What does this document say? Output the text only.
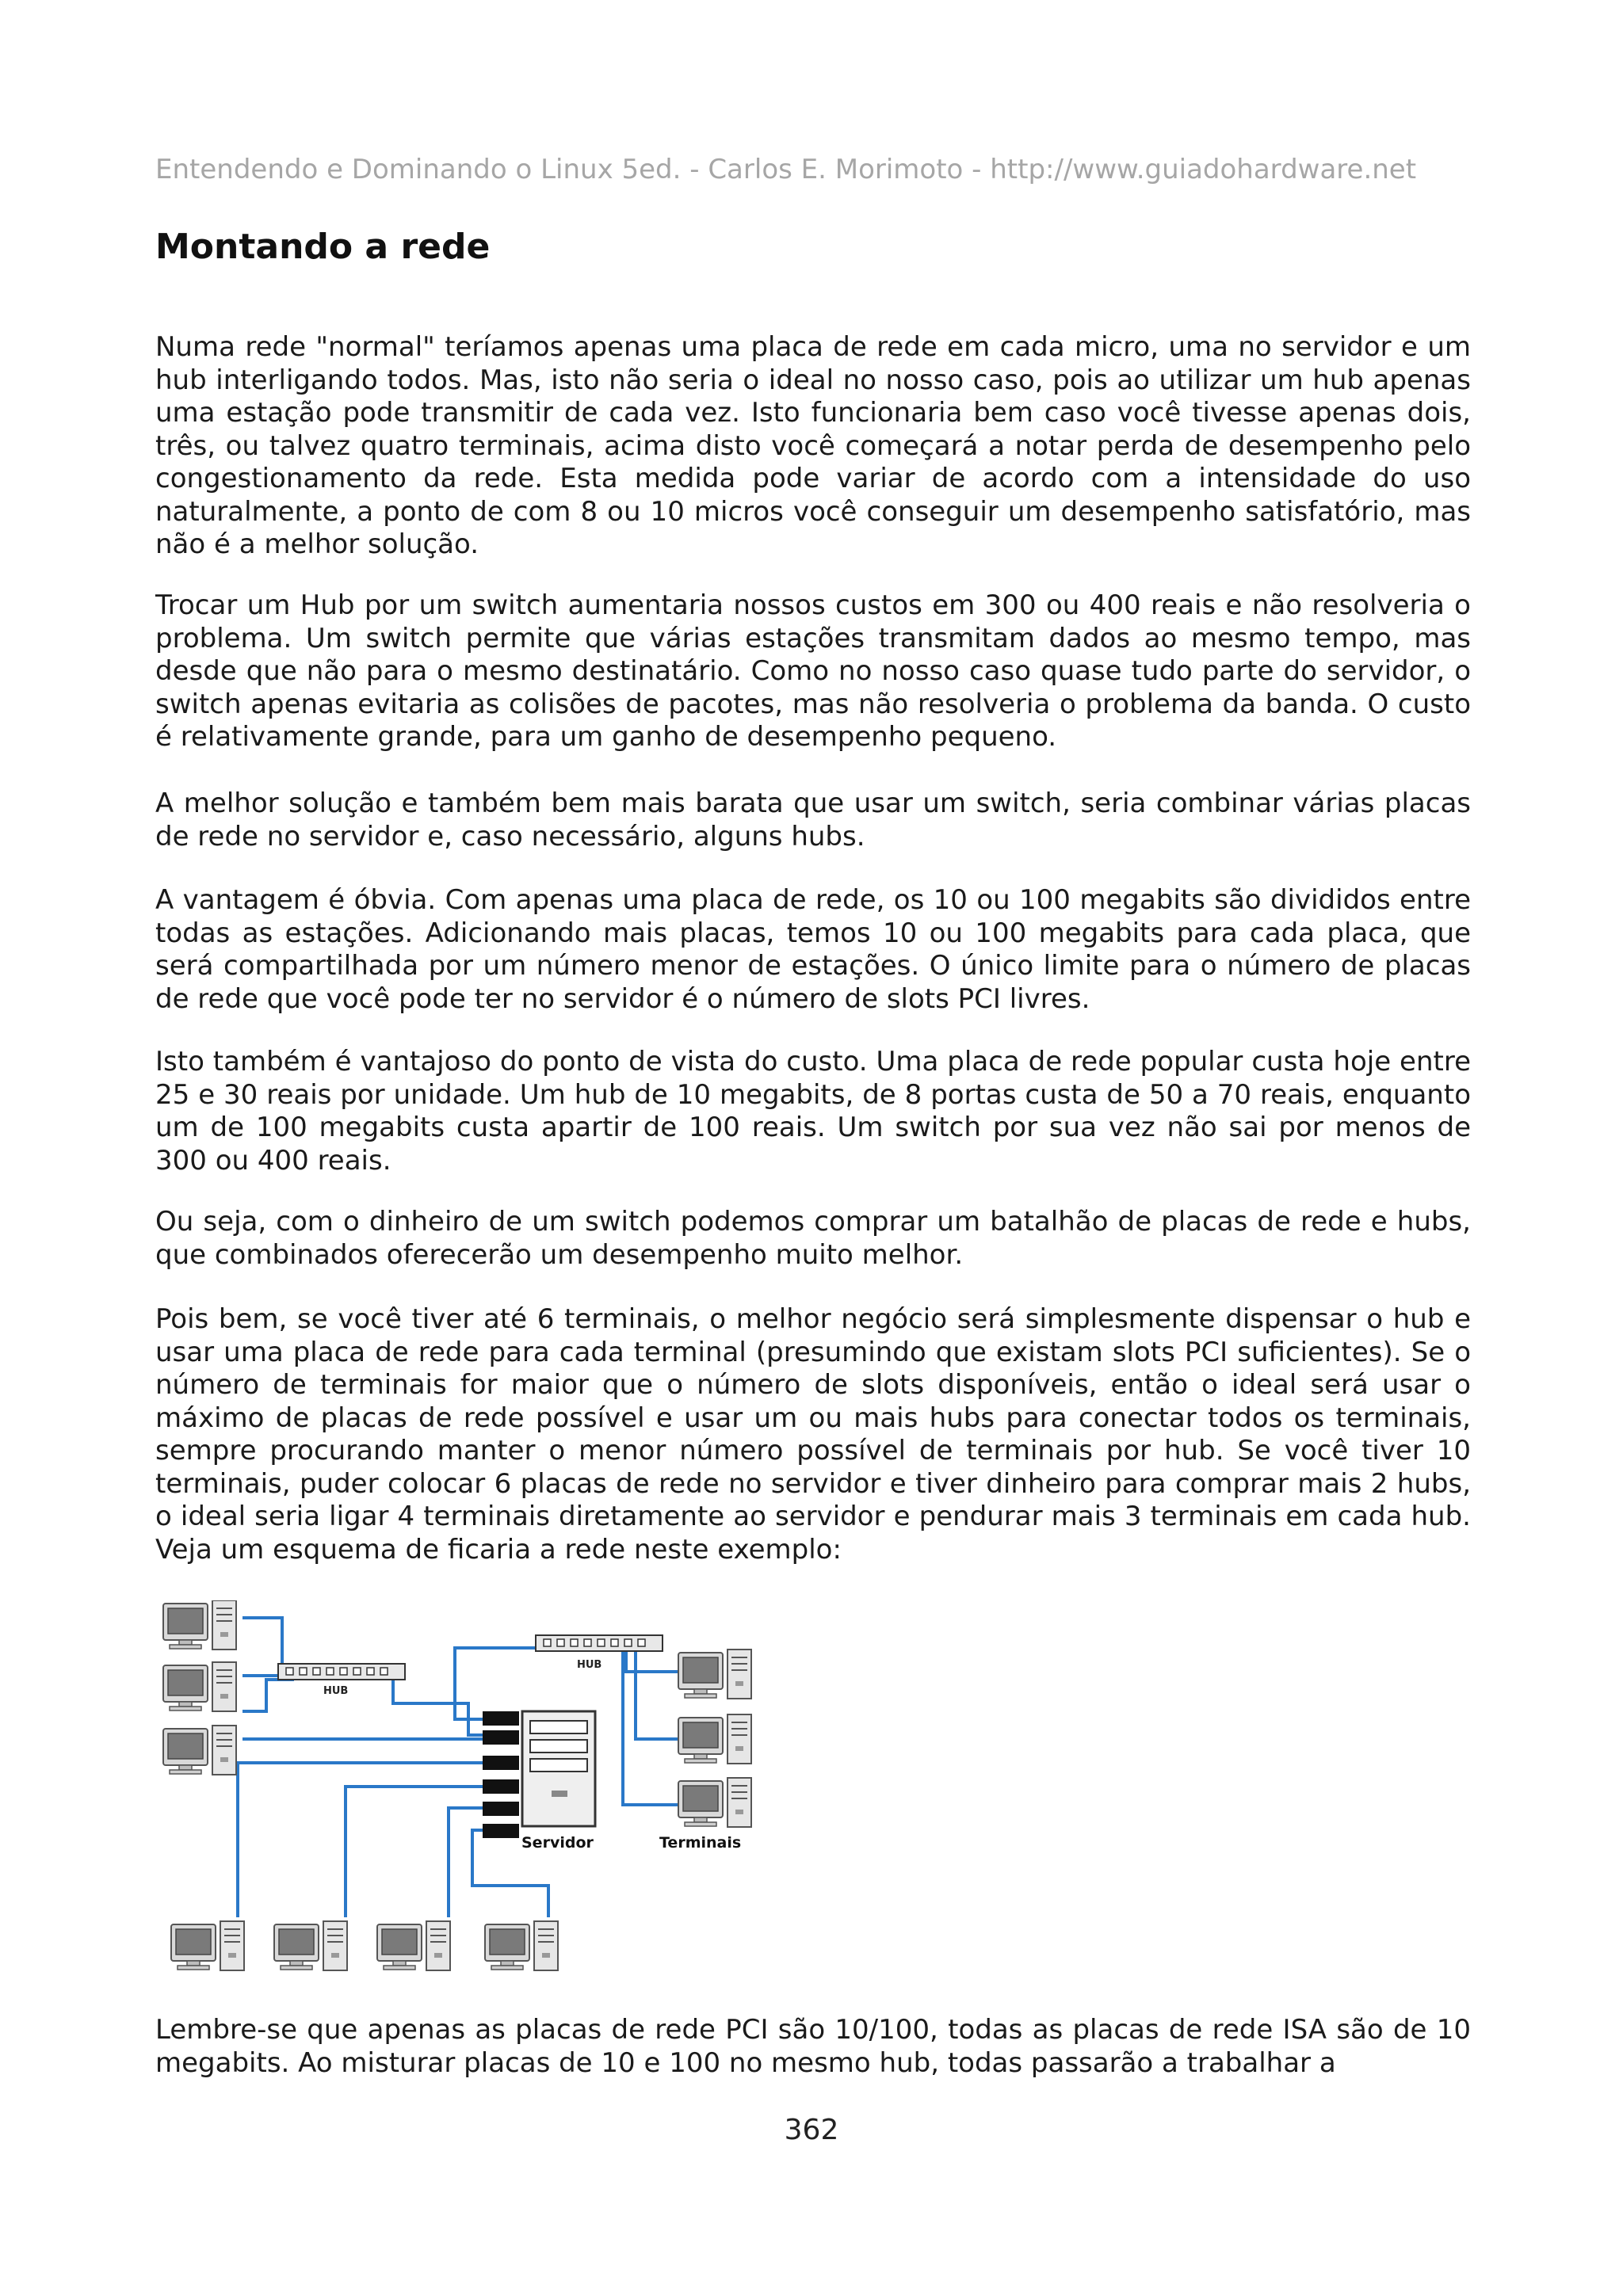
Entendendo e Dominando o Linux 5ed. - Carlos E. Morimoto - http://www.guiadohardware.net
Montando a rede

Numa rede "normal" teríamos apenas uma placa de rede em cada micro, uma no servidor e um hub interligando todos. Mas, isto não seria o ideal no nosso caso, pois ao utilizar um hub apenas uma estação pode transmitir de cada vez. Isto funcionaria bem caso você tivesse apenas dois, três, ou talvez quatro terminais, acima disto você começará a notar perda de desempenho pelo congestionamento da rede. Esta medida pode variar de acordo com a intensidade do uso naturalmente, a ponto de com 8 ou 10 micros você conseguir um desempenho satisfatório, mas não é a melhor solução.

Trocar um Hub por um switch aumentaria nossos custos em 300 ou 400 reais e não resolveria o problema. Um switch permite que várias estações transmitam dados ao mesmo tempo, mas desde que não para o mesmo destinatário. Como no nosso caso quase tudo parte do servidor, o switch apenas evitaria as colisões de pacotes, mas não resolveria o problema da banda. O custo é relativamente grande, para um ganho de desempenho pequeno.

A melhor solução e também bem mais barata que usar um switch, seria combinar várias placas de rede no servidor e, caso necessário, alguns hubs.

A vantagem é óbvia. Com apenas uma placa de rede, os 10 ou 100 megabits são divididos entre todas as estações. Adicionando mais placas, temos 10 ou 100 megabits para cada placa, que será compartilhada por um número menor de estações. O único limite para o número de placas de rede que você pode ter no servidor é o número de slots PCI livres.

Isto também é vantajoso do ponto de vista do custo. Uma placa de rede popular custa hoje entre 25 e 30 reais por unidade. Um hub de 10 megabits, de 8 portas custa de 50 a 70 reais, enquanto um de 100 megabits custa apartir de 100 reais. Um switch por sua vez não sai por menos de 300 ou 400 reais.

Ou seja, com o dinheiro de um switch podemos comprar um batalhão de placas de rede e hubs, que combinados oferecerão um desempenho muito melhor.

Pois bem, se você tiver até 6 terminais, o melhor negócio será simplesmente dispensar o hub e usar uma placa de rede para cada terminal (presumindo que existam slots PCI suficientes). Se o número de terminais for maior que o número de slots disponíveis, então o ideal será usar o máximo de placas de rede possível e usar um ou mais hubs para conectar todos os terminais, sempre procurando manter o menor número possível de terminais por hub. Se você tiver 10 terminais, puder colocar 6 placas de rede no servidor e tiver dinheiro para comprar mais 2 hubs, o ideal seria ligar 4 terminais diretamente ao servidor e pendurar mais 3 terminais em cada hub. Veja um esquema de ficaria a rede neste exemplo:

HUB
HUB
Servidor	Terminais

Lembre-se que apenas as placas de rede PCI são 10/100, todas as placas de rede ISA são de 10 megabits. Ao misturar placas de 10 e 100 no mesmo hub, todas passarão a trabalhar a

362
